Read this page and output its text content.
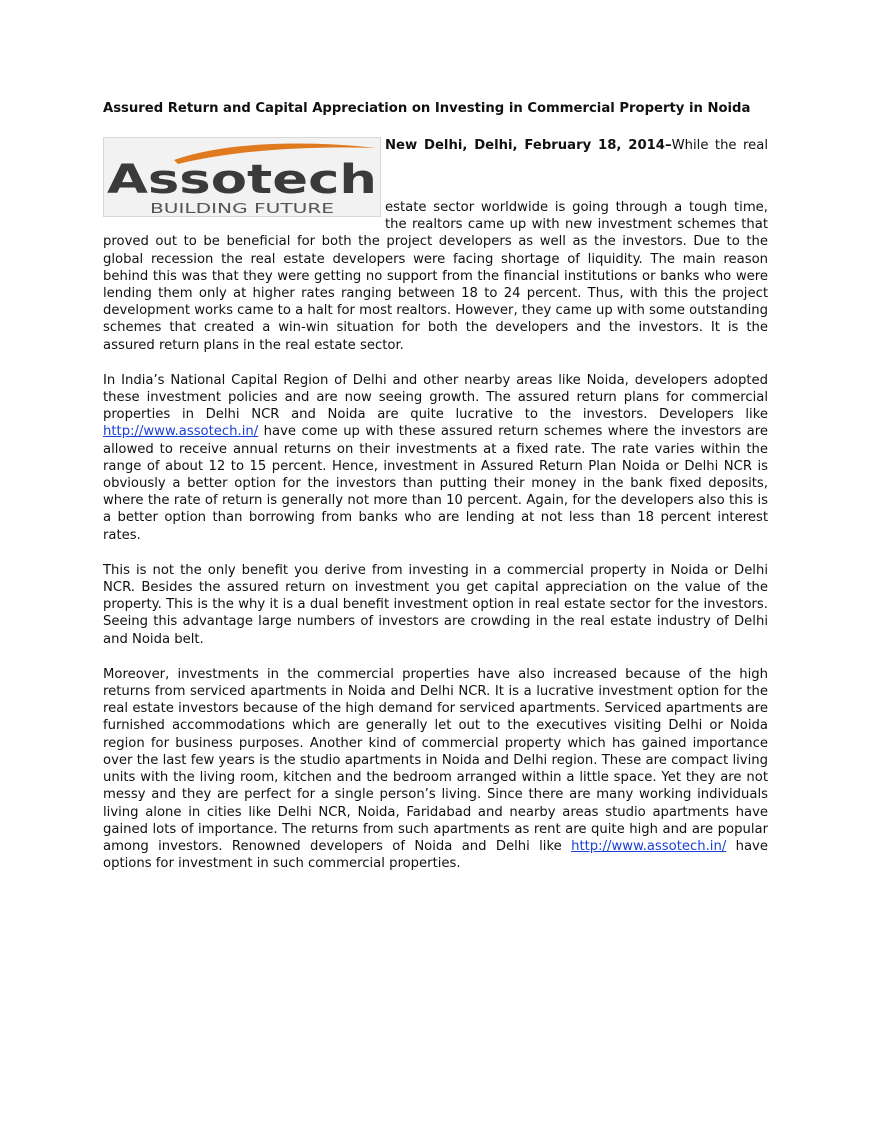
Assured Return and Capital Appreciation on Investing in Commercial Property in Noida

Assotech
BUILDING FUTURE
New Delhi, Delhi, February 18, 2014–While the real estate sector worldwide is going through a tough time, the realtors came up with new investment schemes that proved out to be beneficial for both the project developers as well as the investors. Due to the global recession the real estate developers were facing shortage of liquidity. The main reason behind this was that they were getting no support from the financial institutions or banks who were lending them only at higher rates ranging between 18 to 24 percent. Thus, with this the project development works came to a halt for most realtors. However, they came up with some outstanding schemes that created a win-win situation for both the developers and the investors. It is the assured return plans in the real estate sector.

In India’s National Capital Region of Delhi and other nearby areas like Noida, developers adopted these investment policies and are now seeing growth. The assured return plans for commercial properties in Delhi NCR and Noida are quite lucrative to the investors. Developers like http://www.assotech.in/ have come up with these assured return schemes where the investors are allowed to receive annual returns on their investments at a fixed rate. The rate varies within the range of about 12 to 15 percent. Hence, investment in Assured Return Plan Noida or Delhi NCR is obviously a better option for the investors than putting their money in the bank fixed deposits, where the rate of return is generally not more than 10 percent. Again, for the developers also this is a better option than borrowing from banks who are lending at not less than 18 percent interest rates.

This is not the only benefit you derive from investing in a commercial property in Noida or Delhi NCR. Besides the assured return on investment you get capital appreciation on the value of the property. This is the why it is a dual benefit investment option in real estate sector for the investors. Seeing this advantage large numbers of investors are crowding in the real estate industry of Delhi and Noida belt.

Moreover, investments in the commercial properties have also increased because of the high returns from serviced apartments in Noida and Delhi NCR. It is a lucrative investment option for the real estate investors because of the high demand for serviced apartments. Serviced apartments are furnished accommodations which are generally let out to the executives visiting Delhi or Noida region for business purposes. Another kind of commercial property which has gained importance over the last few years is the studio apartments in Noida and Delhi region. These are compact living units with the living room, kitchen and the bedroom arranged within a little space. Yet they are not messy and they are perfect for a single person’s living. Since there are many working individuals living alone in cities like Delhi NCR, Noida, Faridabad and nearby areas studio apartments have gained lots of importance. The returns from such apartments as rent are quite high and are popular among investors. Renowned developers of Noida and Delhi like http://www.assotech.in/ have options for investment in such commercial properties.
